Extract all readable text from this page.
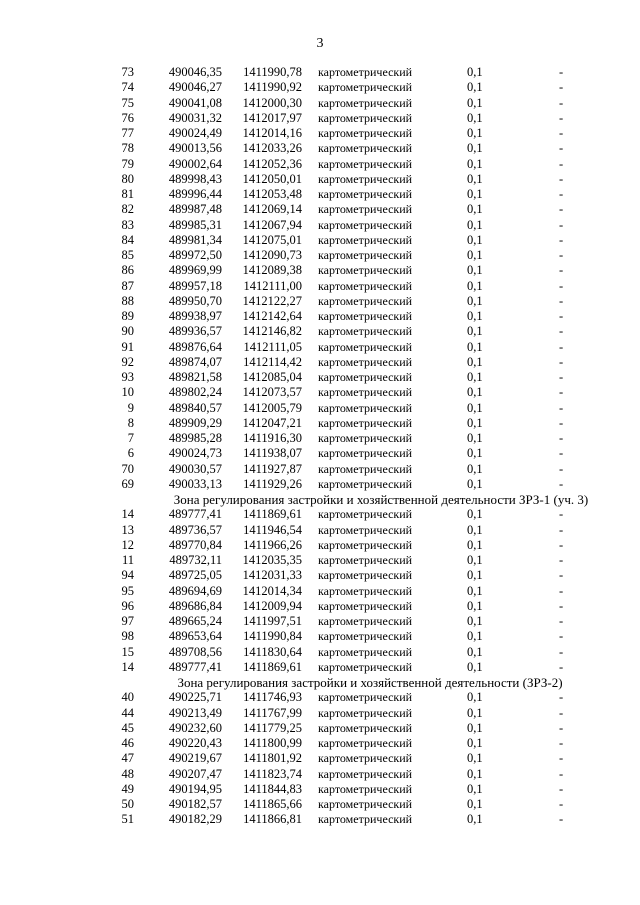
3
73	490046,35	1411990,78 картометрический	0,1	-
74	490046,27	1411990,92 картометрический	0,1	-
75	490041,08	1412000,30 картометрический	0,1	-
76	490031,32	1412017,97 картометрический	0,1	-
77	490024,49	1412014,16 картометрический	0,1	-
78	490013,56	1412033,26 картометрический	0,1	-
79	490002,64	1412052,36 картометрический	0,1	-
80	489998,43	1412050,01 картометрический	0,1	-
81	489996,44	1412053,48 картометрический	0,1	-
82	489987,48	1412069,14 картометрический	0,1	-
83	489985,31	1412067,94 картометрический	0,1	-
84	489981,34	1412075,01 картометрический	0,1	-
85	489972,50	1412090,73 картометрический	0,1	-
86	489969,99	1412089,38 картометрический	0,1	-
87	489957,18	1412111,00 картометрический	0,1	-
88	489950,70	1412122,27 картометрический	0,1	-
89	489938,97	1412142,64 картометрический	0,1	-
90	489936,57	1412146,82 картометрический	0,1	-
91	489876,64	1412111,05 картометрический	0,1	-
92	489874,07	1412114,42 картометрический	0,1	-
93	489821,58	1412085,04 картометрический	0,1	-
10	489802,24	1412073,57 картометрический	0,1	-
9	489840,57	1412005,79 картометрический	0,1	-
8	489909,29	1412047,21 картометрический	0,1	-
7	489985,28	1411916,30 картометрический	0,1	-
6	490024,73	1411938,07 картометрический	0,1	-
70	490030,57	1411927,87 картометрический	0,1	-
69	490033,13	1411929,26 картометрический	0,1	-
Зона регулирования застройки и хозяйственной деятельности ЗРЗ-1 (уч. 3)
14	489777,41	1411869,61 картометрический	0,1	-
13	489736,57	1411946,54 картометрический	0,1	-
12	489770,84	1411966,26 картометрический	0,1	-
11	489732,11	1412035,35 картометрический	0,1	-
94	489725,05	1412031,33 картометрический	0,1	-
95	489694,69	1412014,34 картометрический	0,1	-
96	489686,84	1412009,94 картометрический	0,1	-
97	489665,24	1411997,51 картометрический	0,1	-
98	489653,64	1411990,84 картометрический	0,1	-
15	489708,56	1411830,64 картометрический	0,1	-
14	489777,41	1411869,61 картометрический	0,1	-
Зона регулирования застройки и хозяйственной деятельности (ЗРЗ-2)
40	490225,71	1411746,93 картометрический	0,1	-
44	490213,49	1411767,99 картометрический	0,1	-
45	490232,60	1411779,25 картометрический	0,1	-
46	490220,43	1411800,99 картометрический	0,1	-
47	490219,67	1411801,92 картометрический	0,1	-
48	490207,47	1411823,74 картометрический	0,1	-
49	490194,95	1411844,83 картометрический	0,1	-
50	490182,57	1411865,66 картометрический	0,1	-
51	490182,29	1411866,81 картометрический	0,1	-
